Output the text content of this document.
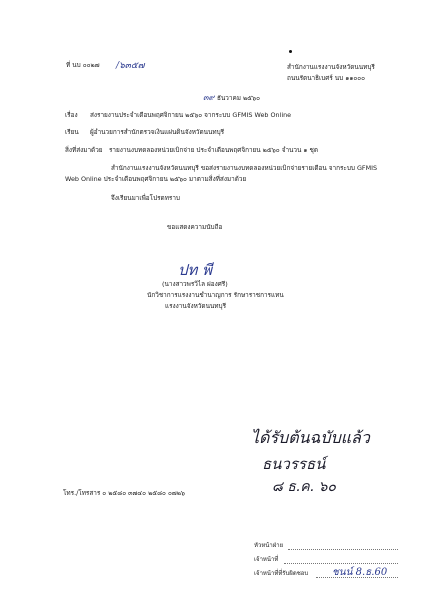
ที่ นบ ๐๐๒๗ /๖๓๕๗	สำนักงานแรงงานจังหวัดนนทบุรี
ถนนรัตนาธิเบศร์ นบ ๑๑๐๐๐
๓๙ ธันวาคม ๒๕๖๐
เรื่อง ส่งรายงานประจำเดือนพฤศจิกายน ๒๕๖๐ จากระบบ GFMIS Web Online
เรียน ผู้อำนวยการสำนักตรวจเงินแผ่นดินจังหวัดนนทบุรี
สิ่งที่ส่งมาด้วย รายงานงบทดลองหน่วยเบิกจ่าย ประจำเดือนพฤศจิกายน ๒๕๖๐ จำนวน ๑ ชุด
สำนักงานแรงงานจังหวัดนนทบุรี ขอส่งรายงานงบทดลองหน่วยเบิกจ่ายรายเดือน จากระบบ GFMIS
Web Online ประจำเดือนพฤศจิกายน ๒๕๖๐ มาตามสิ่งที่ส่งมาด้วย
จึงเรียนมาเพื่อโปรดทราบ
ขอแสดงความนับถือ
ปท พี
(นางสาวพรวิไล ผ่องศรี)
นักวิชาการแรงงานชำนาญการ รักษาราชการแทน
แรงงานจังหวัดนนทบุรี
ได้รับต้นฉบับแล้ว
ธนวรรธน์
๘ ธ.ค. ๖๐
โทร./โทรสาร ๐ ๒๕๘๐ ๓๗๔๐ ๒๕๘๐ ๐๗๒๖
หัวหน้าฝ่าย
เจ้าหน้าที่
เจ้าหน้าที่ที่รับผิดชอบ ชนน์ 8.ธ.60
